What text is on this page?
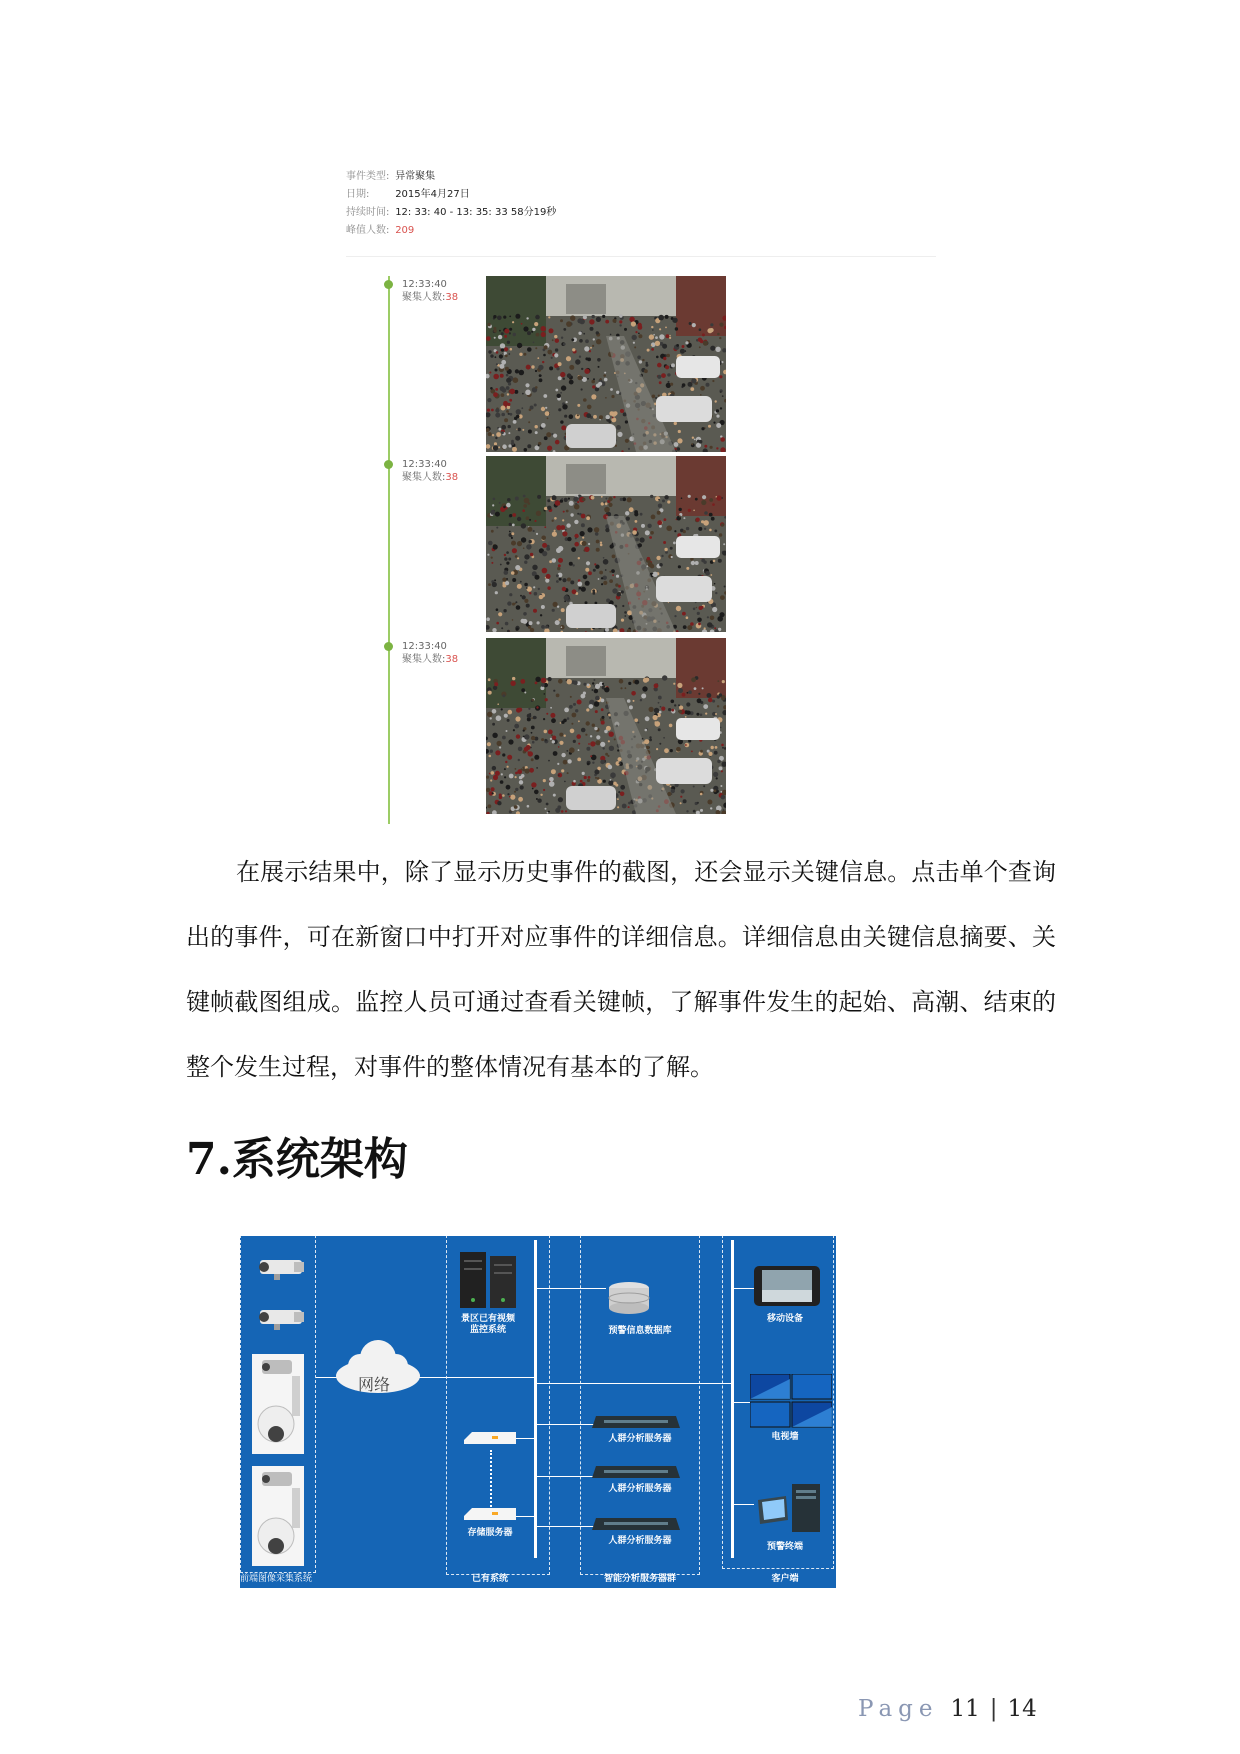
事件类型: 异常聚集
日期:	2015年4月27日
持续时间: 12: 33: 40 - 13: 35: 33 58分19秒
峰值人数: 209
12:33:40
聚集人数:38
12:33:40
聚集人数:38
12:33:40
聚集人数:38

在展示结果中，除了显示历史事件的截图，还会显示关键信息。点击单个查询出的事件，可在新窗口中打开对应事件的详细信息。详细信息由关键信息摘要、关键帧截图组成。监控人员可通过查看关键帧，了解事件发生的起始、高潮、结束的整个发生过程，对事件的整体情况有基本的了解。

7.系统架构
前端图像采集系统
网络
景区已有视频
监控系统
存储服务器
已有系统
预警信息数据库
人群分析服务器
人群分析服务器
人群分析服务器
智能分析服务器群
移动设备
电视墙
预警终端
客户端
Page 11 | 14
